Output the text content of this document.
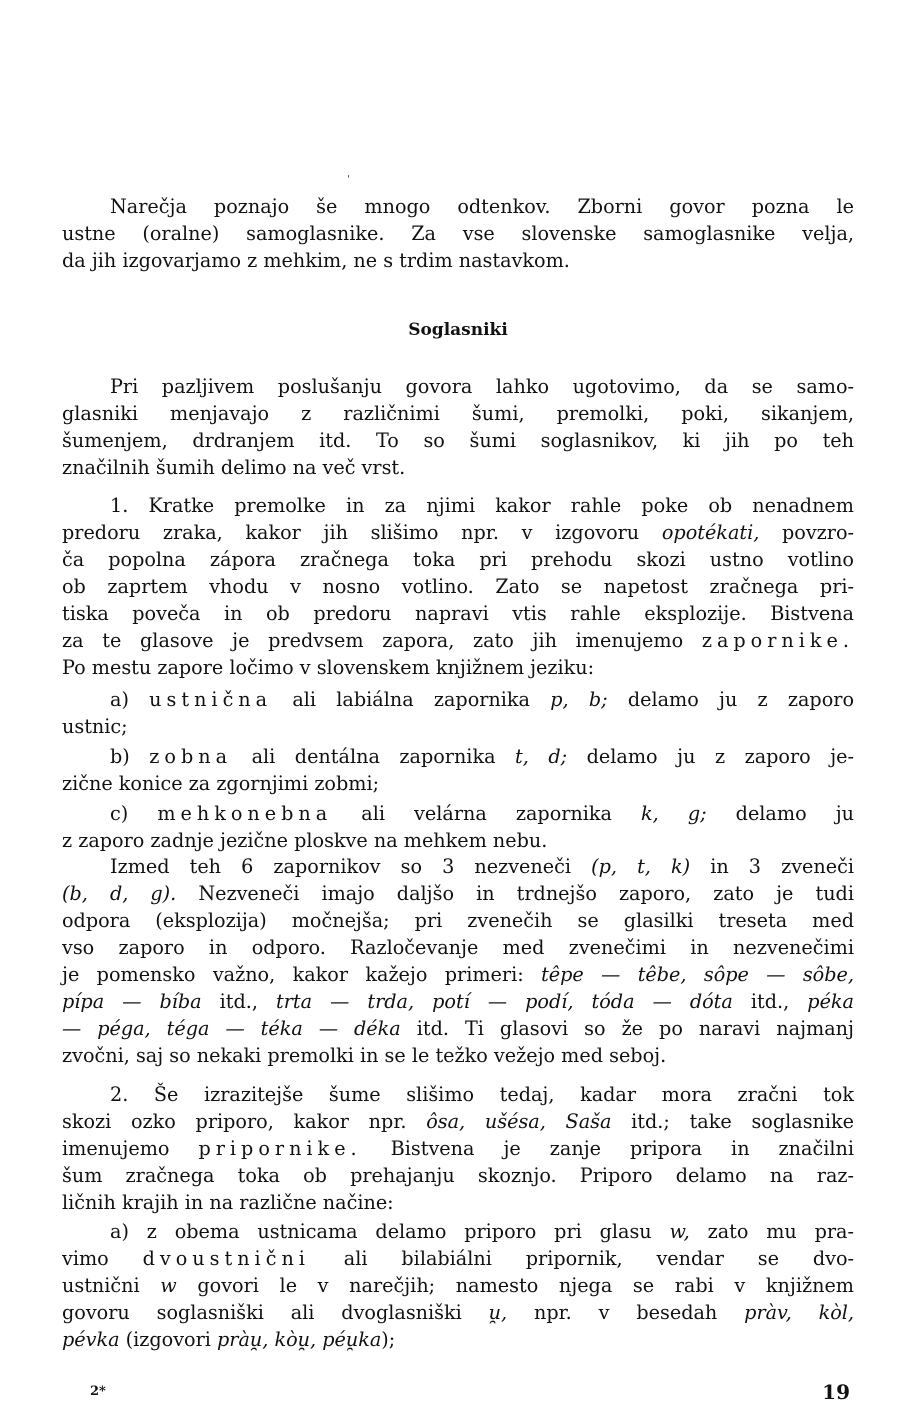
ˌ
Narečja poznajo še mnogo odtenkov. Zborni govor pozna le
ustne (oralne) samoglasnike. Za vse slovenske samoglasnike velja,
da jih izgovarjamo z mehkim, ne s trdim nastavkom.
Soglasniki
Pri pazljivem poslušanju govora lahko ugotovimo, da se samo-
glasniki menjavajo z različnimi šumi, premolki, poki, sikanjem,
šumenjem, drdranjem itd. To so šumi soglasnikov, ki jih po teh
značilnih šumih delimo na več vrst.
1. Kratke premolke in za njimi kakor rahle poke ob nenadnem
predoru zraka, kakor jih slišimo npr. v izgovoru opotékati, povzro-
ča popolna zápora zračnega toka pri prehodu skozi ustno votlino
ob zaprtem vhodu v nosno votlino. Zato se napetost zračnega pri-
tiska poveča in ob predoru napravi vtis rahle eksplozije. Bistvena
za te glasove je predvsem zapora, zato jih imenujemo zapornike.
Po mestu zapore ločimo v slovenskem knjižnem jeziku:
a) ustnična ali labiálna zapornika p, b; delamo ju z zaporo
ustnic;
b) zobna ali dentálna zapornika t, d; delamo ju z zaporo je-
zične konice za zgornjimi zobmi;
c) mehkonebna ali velárna zapornika k, g; delamo ju
z zaporo zadnje jezične ploskve na mehkem nebu.
Izmed teh 6 zapornikov so 3 nezveneči (p, t, k) in 3 zveneči
(b, d, g). Nezveneči imajo daljšo in trdnejšo zaporo, zato je tudi
odpora (eksplozija) močnejša; pri zvenečih se glasilki treseta med
vso zaporo in odporo. Razločevanje med zvenečimi in nezvenečimi
je pomensko važno, kakor kažejo primeri: têpe — têbe, sôpe — sôbe,
pípa — bíba itd., trta — trda, potí — podí, tóda — dóta itd., péka
— péga, téga — téka — déka itd. Ti glasovi so že po naravi najmanj
zvočni, saj so nekaki premolki in se le težko vežejo med seboj.
2. Še izrazitejše šume slišimo tedaj, kadar mora zračni tok
skozi ozko priporo, kakor npr. ôsa, ušésa, Saša itd.; take soglasnike
imenujemo pripornike. Bistvena je zanje pripora in značilni
šum zračnega toka ob prehajanju skoznjo. Priporo delamo na raz-
ličnih krajih in na različne načine:
a) z obema ustnicama delamo priporo pri glasu w, zato mu pra-
vimo dvoustnični ali bilabiálni pripornik, vendar se dvo-
ustnični w govori le v narečjih; namesto njega se rabi v knjižnem
govoru soglasniški ali dvoglasniški u̯, npr. v besedah pràv, kòl,
pévka (izgovori pràu̯, kòu̯, péu̯ka);
2*	19
